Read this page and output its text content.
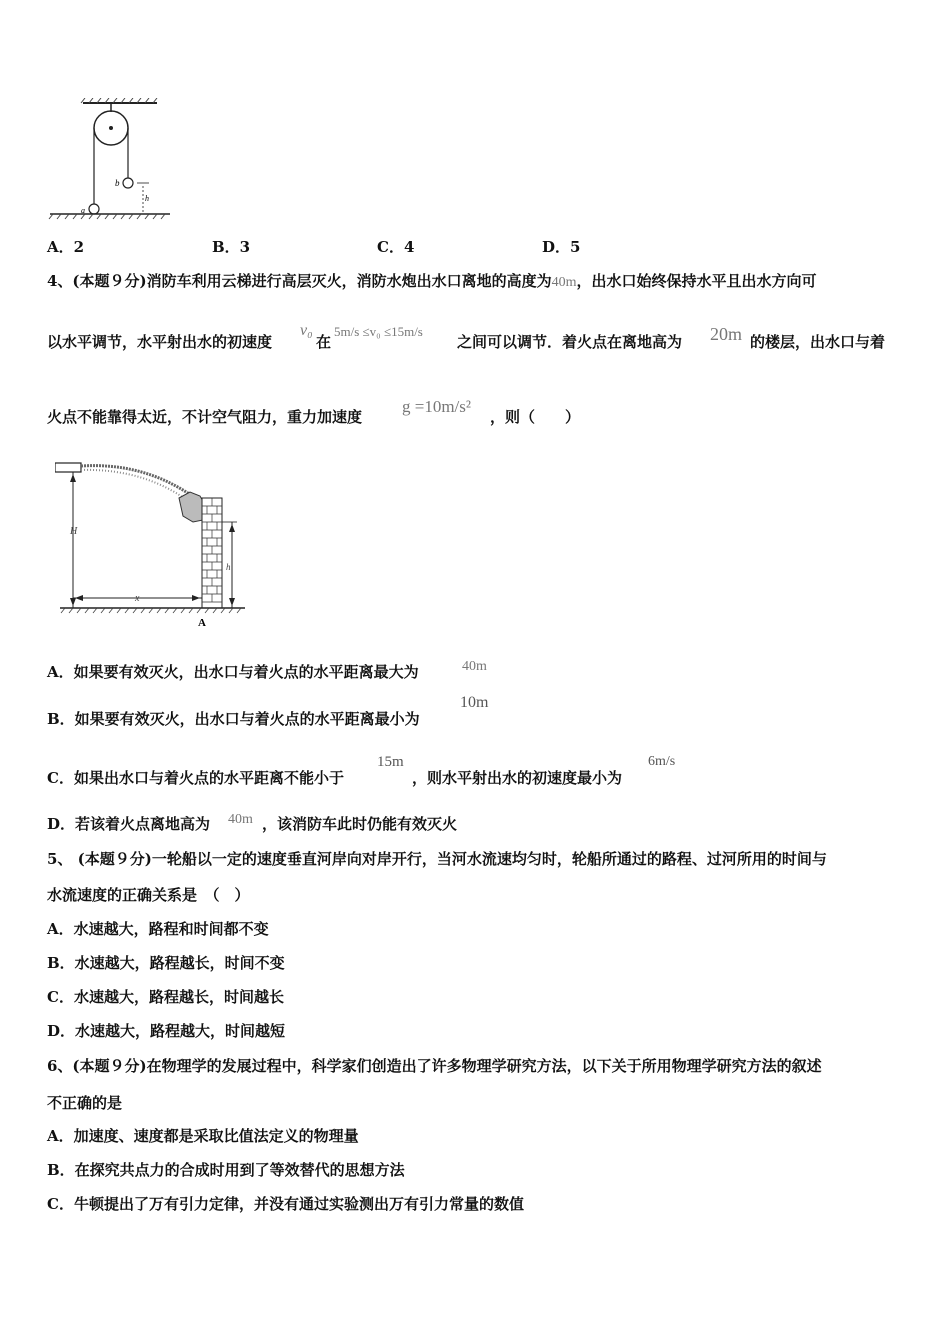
a
b
h
A．2	B．3	C．4	D．5
4、(本题９分)消防车利用云梯进行高层灭火，消防水炮出水口离地的高度为40m，出水口始终保持水平且出水方向可
以水平调节，水平射出水的初速度
v₀
在
5m/s ≤v₀ ≤15m/s
之间可以调节．着火点在离地高为 20m 的楼层，出水口与着
火点不能靠得太近，不计空气阻力，重力加速度
g =10m/s²
，则（　　）
H
x
h
A
A．如果要有效灭火，出水口与着火点的水平距离最大为	40m
B．如果要有效灭火，出水口与着火点的水平距离最小为
10m
C．如果出水口与着火点的水平距离不能小于
15m
，则水平射出水的初速度最小为
6m/s
D．若该着火点离地高为 40m ，该消防车此时仍能有效灭火
5、 (本题９分)一轮船以一定的速度垂直河岸向对岸开行，当河水流速均匀时，轮船所通过的路程、过河所用的时间与
水流速度的正确关系是　（　）
A．水速越大，路程和时间都不变
B．水速越大，路程越长，时间不变
C．水速越大，路程越长，时间越长
D．水速越大，路程越大，时间越短
6、(本题９分)在物理学的发展过程中，科学家们创造出了许多物理学研究方法，以下关于所用物理学研究方法的叙述
不正确的是
A．加速度、速度都是采取比值法定义的物理量
B．在探究共点力的合成时用到了等效替代的思想方法
C．牛顿提出了万有引力定律，并没有通过实验测出万有引力常量的数值
